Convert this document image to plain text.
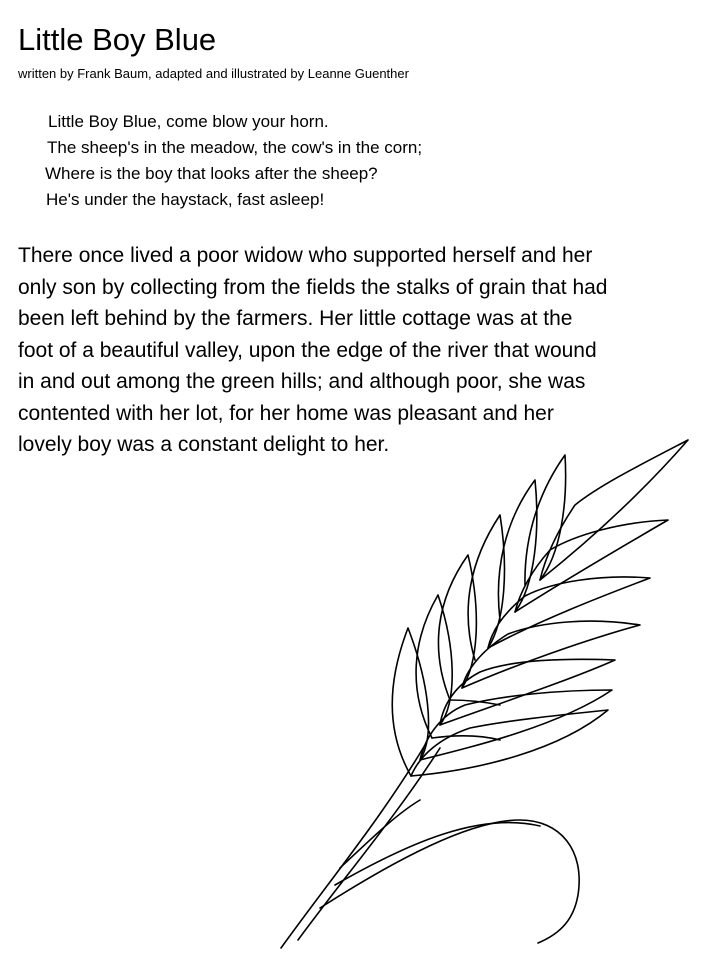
Little Boy Blue
written by Frank Baum, adapted and illustrated by Leanne Guenther
Little Boy Blue, come blow your horn.
The sheep's in the meadow, the cow's in the corn;
Where is the boy that looks after the sheep?
He's under the haystack, fast asleep!

There once lived a poor widow who supported herself and her
only son by collecting from the fields the stalks of grain that had
been left behind by the farmers. Her little cottage was at the
foot of a beautiful valley, upon the edge of the river that wound
in and out among the green hills; and although poor, she was
contented with her lot, for her home was pleasant and her
lovely boy was a constant delight to her.
